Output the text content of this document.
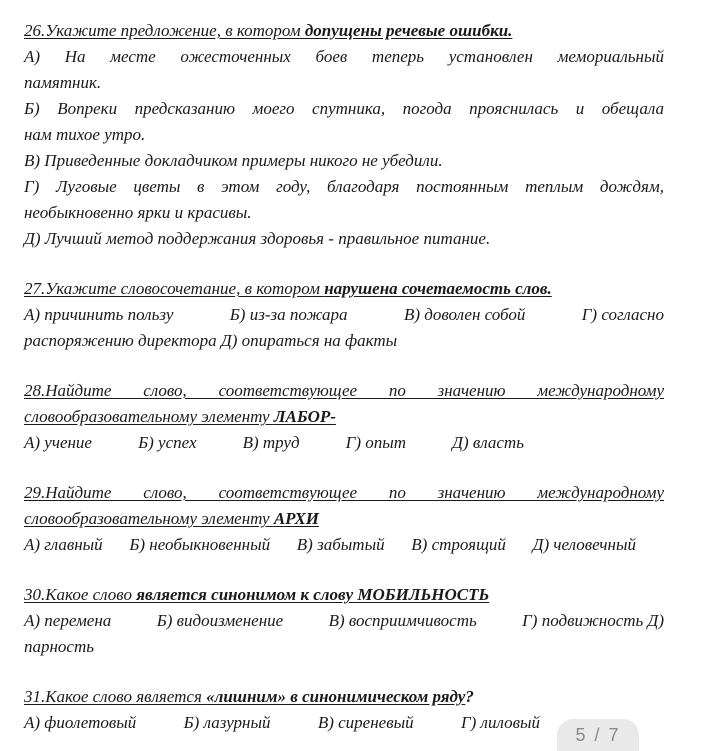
26.Укажите предложение, в котором допущены речевые ошибки.

А) На месте ожесточенных боев теперь установлен мемориальный

памятник.

Б) Вопреки предсказанию моего спутника, погода прояснилась и обещала

нам тихое утро.

В) Приведенные докладчиком примеры никого не убедили.

Г) Луговые цветы в этом году, благодаря постоянным теплым дождям,

необыкновенно ярки и красивы.

Д) Лучший метод поддержания здоровья - правильное питание.

27.Укажите словосочетание, в котором нарушена сочетаемость слов.

А) причинить пользу	Б) из-за пожара	В) доволен собой	Г) согласно

распоряжению директора Д) опираться на факты

28.Найдите слово, соответствующее по значению международному

словообразовательному элементу ЛАБОР-

А) учение	Б) успех	В) труд	Г) опыт	Д) власть

29.Найдите слово, соответствующее по значению международному

словообразовательному элементу АРХИ

А) главный Б) необыкновенный В) забытый В) строящий Д) человечный

30.Какое слово является синонимом к слову МОБИЛЬНОСТЬ

А) перемена	Б) видоизменение	В) восприимчивость	Г) подвижность Д)

парность

31.Какое слово является «лишним» в синонимическом ряду?

А) фиолетовый	Б) лазурный	В) сиреневый	Г) лиловый

5 / 7
